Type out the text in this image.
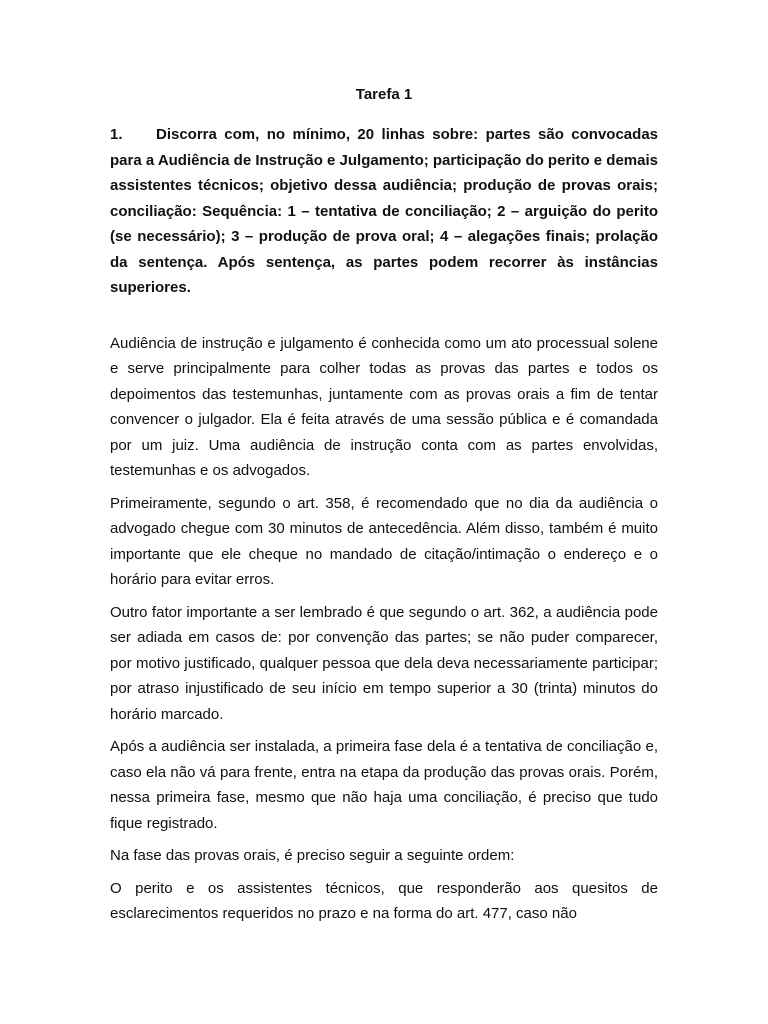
Tarefa 1
1. Discorra com, no mínimo, 20 linhas sobre: partes são convocadas para a Audiência de Instrução e Julgamento; participação do perito e demais assistentes técnicos; objetivo dessa audiência; produção de provas orais; conciliação: Sequência: 1 – tentativa de conciliação; 2 – arguição do perito (se necessário); 3 – produção de prova oral; 4 – alegações finais; prolação da sentença. Após sentença, as partes podem recorrer às instâncias superiores.

Audiência de instrução e julgamento é conhecida como um ato processual solene e serve principalmente para colher todas as provas das partes e todos os depoimentos das testemunhas, juntamente com as provas orais a fim de tentar convencer o julgador. Ela é feita através de uma sessão pública e é comandada por um juiz. Uma audiência de instrução conta com as partes envolvidas, testemunhas e os advogados.

Primeiramente, segundo o art. 358, é recomendado que no dia da audiência o advogado chegue com 30 minutos de antecedência. Além disso, também é muito importante que ele cheque no mandado de citação/intimação o endereço e o horário para evitar erros.

Outro fator importante a ser lembrado é que segundo o art. 362, a audiência pode ser adiada em casos de: por convenção das partes; se não puder comparecer, por motivo justificado, qualquer pessoa que dela deva necessariamente participar; por atraso injustificado de seu início em tempo superior a 30 (trinta) minutos do horário marcado.

Após a audiência ser instalada, a primeira fase dela é a tentativa de conciliação e, caso ela não vá para frente, entra na etapa da produção das provas orais. Porém, nessa primeira fase, mesmo que não haja uma conciliação, é preciso que tudo fique registrado.

Na fase das provas orais, é preciso seguir a seguinte ordem:

O perito e os assistentes técnicos, que responderão aos quesitos de esclarecimentos requeridos no prazo e na forma do art. 477, caso não
